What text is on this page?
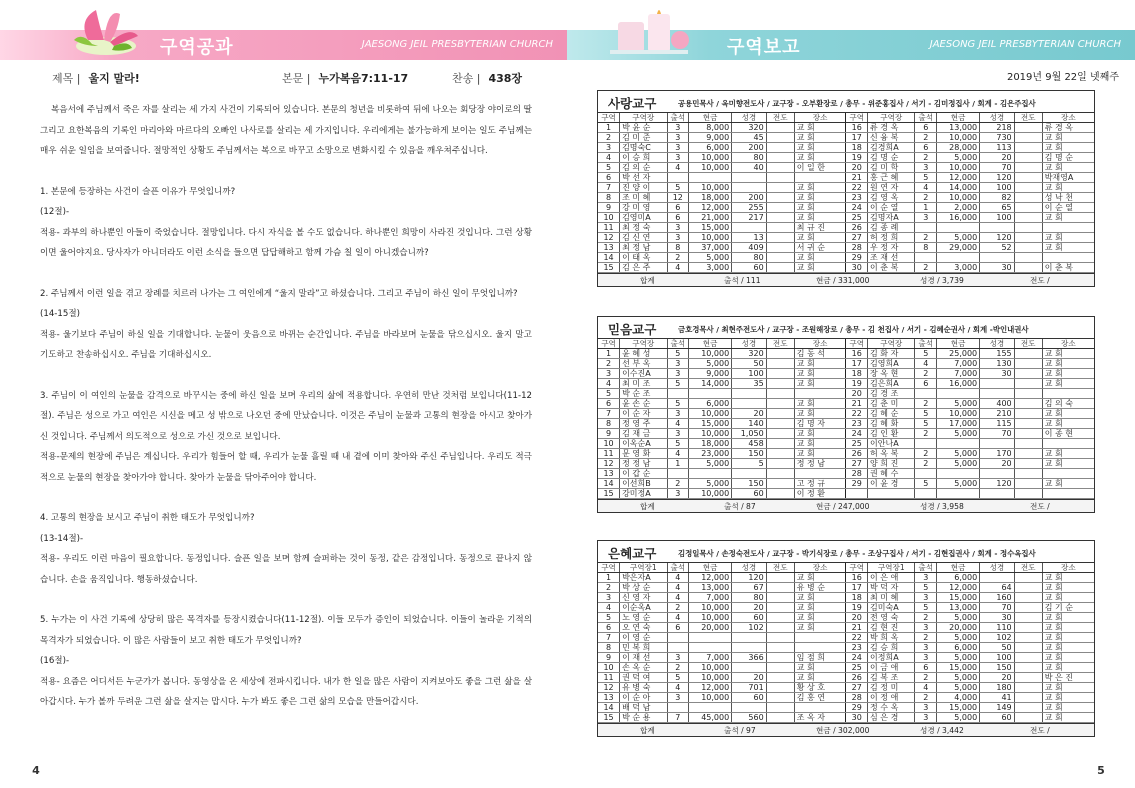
구역공과	JAESONG JEIL PRESBYTERIAN CHURCH	구역보고	JAESONG JEIL PRESBYTERIAN CHURCH
제목 | 울지 말라!	본문 | 누가복음7:11-17	찬송 | 438장

복음서에 주님께서 죽은 자를 살리는 세 가지 사건이 기록되어 있습니다. 본문의 청년을 비롯하여 뒤에 나오는 회당장 야이로의 딸 그리고 요한복음의 기록인 마리아와 마르다의 오빠인 나사로를 살리는 세 가지입니다. 우리에게는 불가능하게 보이는 일도 주님께는 매우 쉬운 일임을 보여줍니다. 절망적인 상황도 주님께서는 복으로 바꾸고 소망으로 변화시킬 수 있음을 깨우쳐주십니다.

1. 본문에 등장하는 사건이 슬픈 이유가 무엇입니까?
(12절)-
적용- 과부의 하나뿐인 아들이 죽었습니다. 절망입니다. 다시 자식을 볼 수도 없습니다. 하나뿐인 희망이 사라진 것입니다. 그런 상황이면 울어야지요. 당사자가 아니더라도 이런 소식을 들으면 답답해하고 함께 가슴 칠 일이 아니겠습니까?

2. 주님께서 이런 일을 겪고 장례를 치르러 나가는 그 여인에게 “울지 말라”고 하셨습니다. 그리고 주님이 하신 일이 무엇입니까?
(14-15절)
적용- 울기보다 주님이 하실 일을 기대합니다. 눈물이 웃음으로 바뀌는 순간입니다. 주님을 바라보며 눈물을 닦으십시오. 울지 말고 기도하고 찬송하십시오. 주님을 기대하십시오.

3. 주님이 이 여인의 눈물을 감격으로 바꾸시는 중에 하신 일을 보며 우리의 삶에 적용합니다. 우연히 만난 것처럼 보입니다(11-12절). 주님은 성으로 가고 여인은 시신을 메고 성 밖으로 나오던 중에 만났습니다. 이것은 주님이 눈물과 고통의 현장을 아시고 찾아가신 것입니다. 주님께서 의도적으로 성으로 가신 것으로 보입니다.
적용-문제의 현장에 주님은 계십니다. 우리가 힘들어 할 때, 우리가 눈물 흘릴 때 내 곁에 이미 찾아와 주신 주님입니다. 우리도 적극적으로 눈물의 현장을 찾아가야 합니다. 찾아가 눈물을 닦아주어야 합니다.

4. 고통의 현장을 보시고 주님이 취한 태도가 무엇입니까?
(13-14절)-
적용- 우리도 이런 마음이 필요합니다. 동정입니다. 슬픈 일을 보며 함께 슬퍼하는 것이 동정, 같은 감정입니다. 동정으로 끝나지 않습니다. 손을 움직입니다. 행동하셨습니다.

5. 누가는 이 사건 기록에 상당히 많은 목격자를 등장시켰습니다(11-12절). 이들 모두가 증인이 되었습니다. 이들이 놀라운 기적의 목격자가 되었습니다. 이 많은 사람들이 보고 취한 태도가 무엇입니까?
(16절)-
적용- 요즘은 어디서든 누군가가 봅니다. 동영상을 온 세상에 전파시킵니다. 내가 한 일을 많은 사람이 지켜보아도 좋을 그런 삶을 살아갑시다. 누가 볼까 두려운 그런 삶을 살지는 맙시다. 누가 봐도 좋은 그런 삶의 모습을 만들어갑시다.

2019년 9월 22일 넷째주
사랑교구	공용민목사 / 옥미향전도사 / 교구장 - 오부환장로 / 총무 - 위준홍집사 / 서기 - 김미정집사 / 회계 - 김은주집사
구역	구역장	출석	현금	성경	전도	장소	구역	구역장	출석	현금	성경	전도	장소
1	박 윤 순	3	8,000	320		교 회	16	류 경 옥	6	13,000	218		류 경 옥
2	김 미 준	3	9,000	45		교 회	17	신 융 복	2	10,000	730		교 회
3	김명숙C	3	6,000	200		교 회	18	김경희A	6	28,000	113		교 회
4	이 승 희	3	10,000	80		교 회	19	김 명 순	2	5,000	20		김 명 순
5	김 의 순	4	10,000	40		이 일 한	20	김 미 학	3	10,000	70		교 회
6	박 선 자						21	홍 근 혜	5	12,000	120		박재영A
7	진 양 이	5	10,000			교 회	22	원 연 자	4	14,000	100		교 회
8	조 미 혜	12	18,000	200		교 회	23	김 영 옥	2	10,000	82		성 낙 천
9	강 미 영	6	12,000	255		교 회	24	이 순 열	1	2,000	65		이 순 열
10	김영미A	6	21,000	217		교 회	25	김명자A	3	16,000	100		교 회
11	최 정 숙	3	15,000			최 규 진	26	김 종 례					
12	김 신 연	3	10,000	13		교 회	27	허 정 희	2	5,000	120		교 회
13	최 정 남	8	37,000	409		서 귀 순	28	우 정 자	8	29,000	52		교 회
14	이 태 옥	2	5,000	80		교 회	29	조 재 선					
15	김 은 주	4	3,000	60		교 회	30	이 춘 복	2	3,000	30		이 춘 복
합계	출석 / 111	현금 / 331,000	성경 / 3,739	전도 /
믿음교구	금호경목사 / 최현주전도사 / 교구장 - 조원해장로 / 총무 - 김 천집사 / 서기 - 김혜순권사 / 회계 -박인내권사
구역	구역장	출석	현금	성경	전도	장소	구역	구역장	출석	현금	성경	전도	장소
1	윤 혜 성	5	10,000	320		김 동 석	16	김 화 자	5	25,000	155		교 회
2	선 부 옥	3	5,000	50		교 회	17	김영희A	4	7,000	130		교 회
3	이수진A	3	9,000	100		교 회	18	장 옥 현	2	7,000	30		교 회
4	최 미 조	5	14,000	35		교 회	19	김은희A	6	16,000			교 회
5	박 순 조						20	김 경 조					
6	윤 손 순	5	6,000			교 회	21	김 춘 미	2	5,000	400		김 의 숙
7	이 순 자	3	10,000	20		교 회	22	김 혜 순	5	10,000	210		교 회
8	정 영 주	4	15,000	140		김 명 자	23	김 혜 화	5	17,000	115		교 회
9	김 재 금	3	10,000	1,050		교 회	24	김 인 환	2	5,000	70		이 종 현
10	이옥순A	5	18,000	458		교 회	25	이안나A					
11	문 영 화	4	23,000	150		교 회	26	허 옥 복	2	5,000	170		교 회
12	정 정 남	1	5,000	5		정 정 남	27	양 희 진	2	5,000	20		교 회
13	이 갑 순						28	권 혜 수					
14	이선희B	2	5,000	150		고 정 규	29	이 윤 경	5	5,000	120		교 회
15	강미정A	3	10,000	60		이 정 환							
합계	출석 / 87	현금 / 247,000	성경 / 3,958	전도 /
은혜교구	김정일목사 / 손정숙전도사 / 교구장 - 박기식장로 / 총무 - 조상구집사 / 서기 - 김현집권사 / 회계 - 정수옥집사
구역	구역장1	출석	현금	성경	전도	장소	구역	구역장1	출석	현금	성경	전도	장소
1	박은자A	4	12,000	120		교 회	16	이 은 애	3	6,000			교 회
2	박 상 순	4	13,000	67		유 병 순	17	박 덕 자	5	12,000	64		교 회
3	신 영 자	4	7,000	80		교 회	18	최 미 혜	3	15,000	160		교 회
4	이순옥A	2	10,000	20		교 회	19	김미숙A	5	13,000	70		김 기 순
5	노 영 순	4	10,000	60		교 회	20	전 영 숙	2	5,000	30		교 회
6	오 연 숙	6	20,000	102		교 회	21	김 현 진	3	20,000	110		교 회
7	이 영 순						22	박 희 옥	2	5,000	102		교 회
8	민 복 희						23	김 승 희	3	6,000	50		교 회
9	이 재 선	3	7,000	366		임 점 희	24	이정희A	3	5,000	100		교 회
10	손 옥 순	2	10,000			교 회	25	이 금 애	6	15,000	150		교 회
11	권 덕 여	5	10,000	20		교 회	26	김 복 조	2	5,000	20		박 은 진
12	유 병 숙	4	12,000	701		황 상 호	27	김 정 미	4	5,000	180		교 회
13	이 순 아	3	10,000	60		김 홍 연	28	이 정 애	2	4,000	41		교 회
14	배 덕 남						29	정 수 옥	3	15,000	149		교 회
15	박 순 용	7	45,000	560		조 옥 자	30	심 은 경	3	5,000	60		교 회
합계	출석 / 97	현금 / 302,000	성경 / 3,442	전도 /
4	5
